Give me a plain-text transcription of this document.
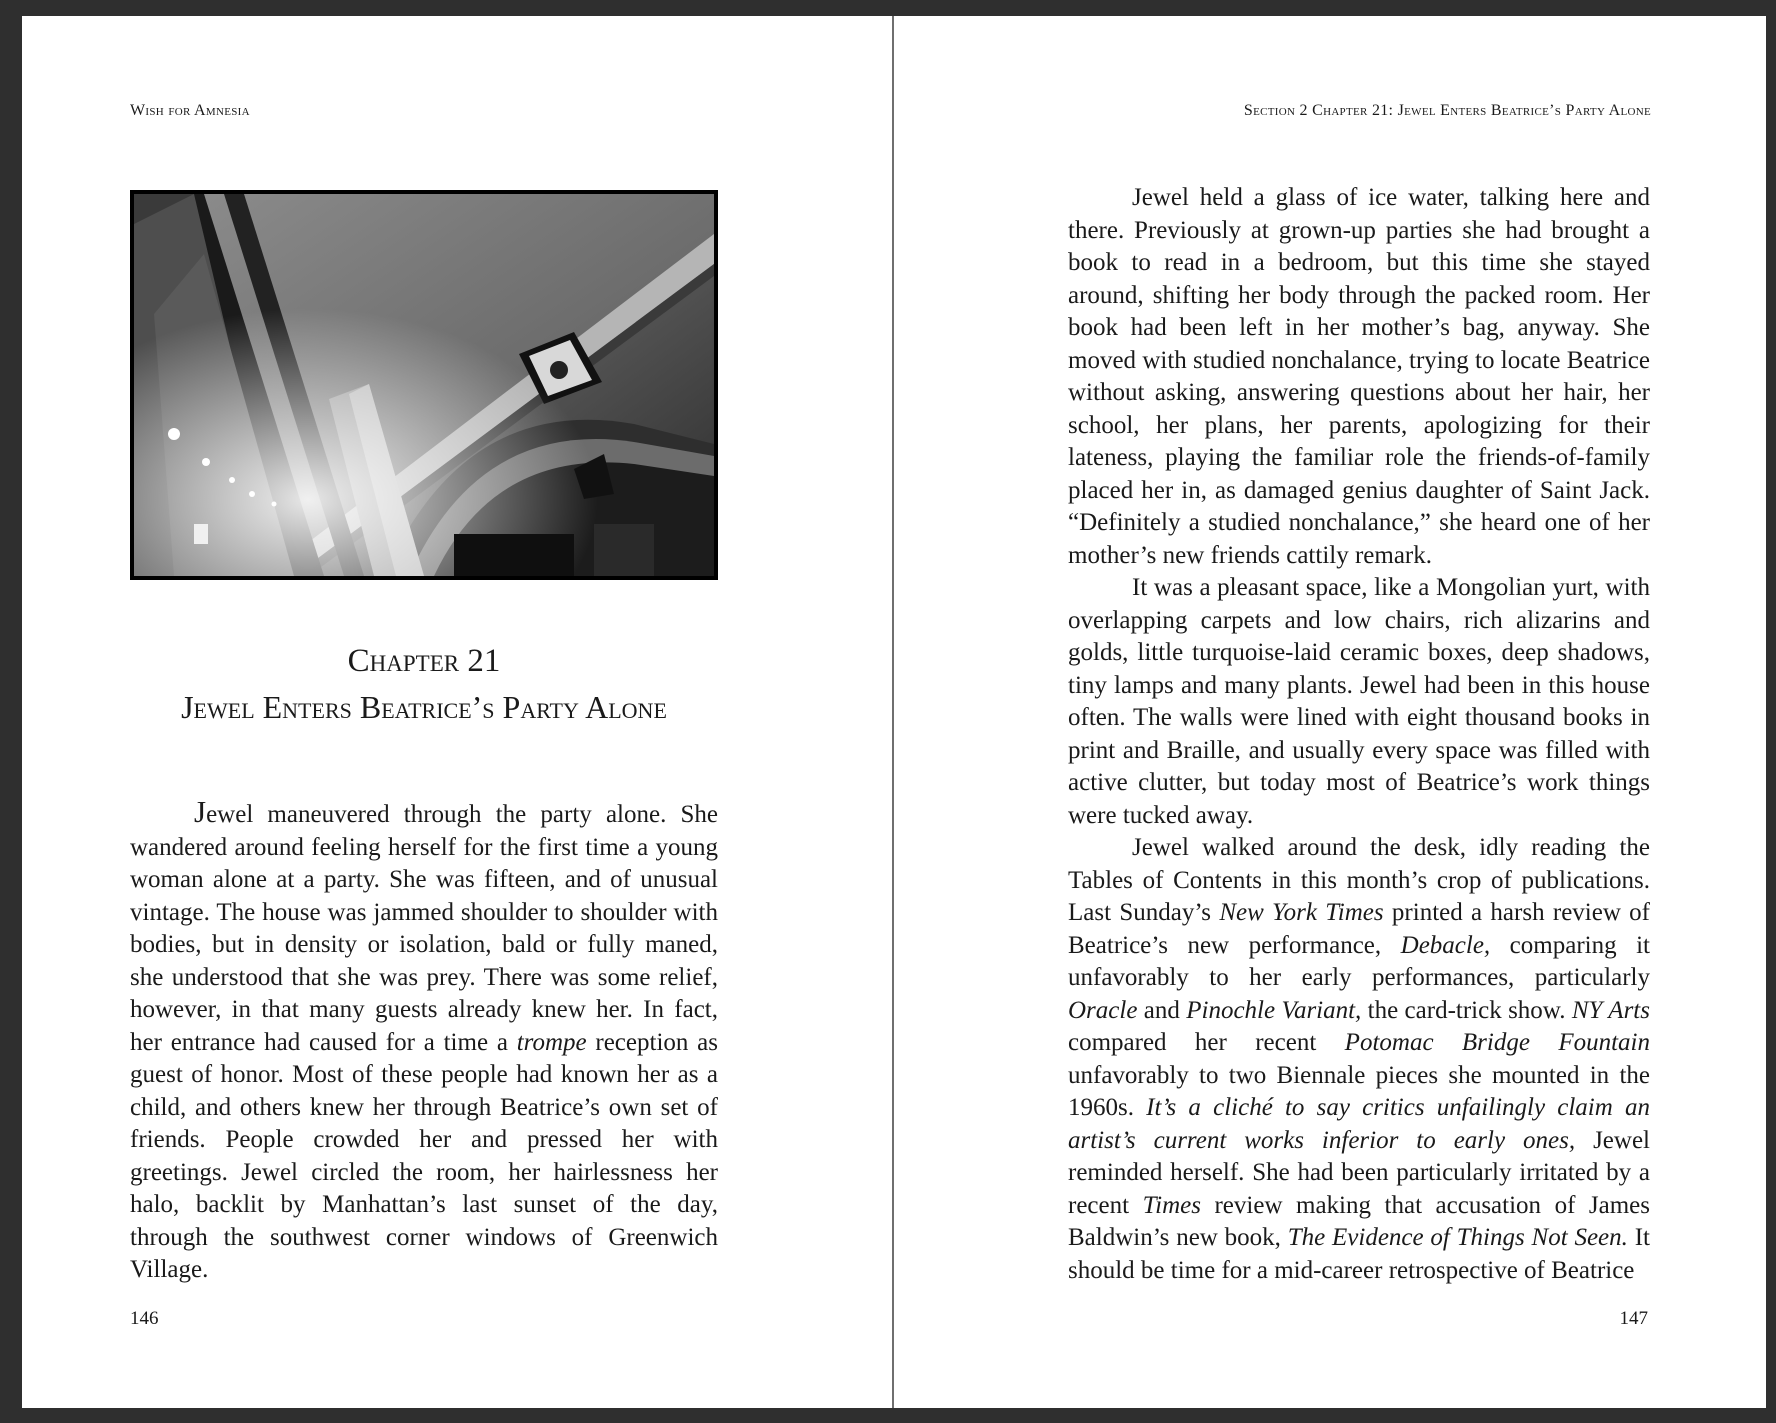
Wish for Amnesia
Chapter 21
Jewel Enters Beatrice’s Party Alone

Jewel maneuvered through the party alone. She wandered around feeling herself for the first time a young woman alone at a party. She was fifteen, and of unusual vintage. The house was jammed shoulder to shoulder with bodies, but in density or isolation, bald or fully maned, she understood that she was prey. There was some relief, however, in that many guests already knew her. In fact, her entrance had caused for a time a trompe reception as guest of honor. Most of these people had known her as a child, and others knew her through Beatrice’s own set of friends. People crowded her and pressed her with greetings. Jewel circled the room, her hairlessness her halo, backlit by Manhattan’s last sunset of the day, through the southwest corner windows of Greenwich Village.

146
Section 2 Chapter 21: Jewel Enters Beatrice’s Party Alone

Jewel held a glass of ice water, talking here and there. Previously at grown-up parties she had brought a book to read in a bedroom, but this time she stayed around, shifting her body through the packed room. Her book had been left in her mother’s bag, anyway. She moved with studied nonchalance, trying to locate Beatrice without asking, answering questions about her hair, her school, her plans, her parents, apologizing for their lateness, playing the familiar role the friends-of-family placed her in, as damaged genius daughter of Saint Jack. “Definitely a studied nonchalance,” she heard one of her mother’s new friends cattily remark.

It was a pleasant space, like a Mongolian yurt, with overlapping carpets and low chairs, rich alizarins and golds, little turquoise-laid ceramic boxes, deep shadows, tiny lamps and many plants. Jewel had been in this house often. The walls were lined with eight thousand books in print and Braille, and usually every space was filled with active clutter, but today most of Beatrice’s work things were tucked away.

Jewel walked around the desk, idly reading the Tables of Contents in this month’s crop of publications. Last Sunday’s New York Times printed a harsh review of Beatrice’s new performance, Debacle, comparing it unfavorably to her early performances, particularly Oracle and Pinochle Variant, the card-trick show. NY Arts compared her recent Potomac Bridge Fountain unfavorably to two Biennale pieces she mounted in the 1960s. It’s a cliché to say critics unfailingly claim an artist’s current works inferior to early ones, Jewel reminded herself. She had been particularly irritated by a recent Times review making that accusation of James Baldwin’s new book, The Evidence of Things Not Seen. It should be time for a mid-career retrospective of Beatrice

147
